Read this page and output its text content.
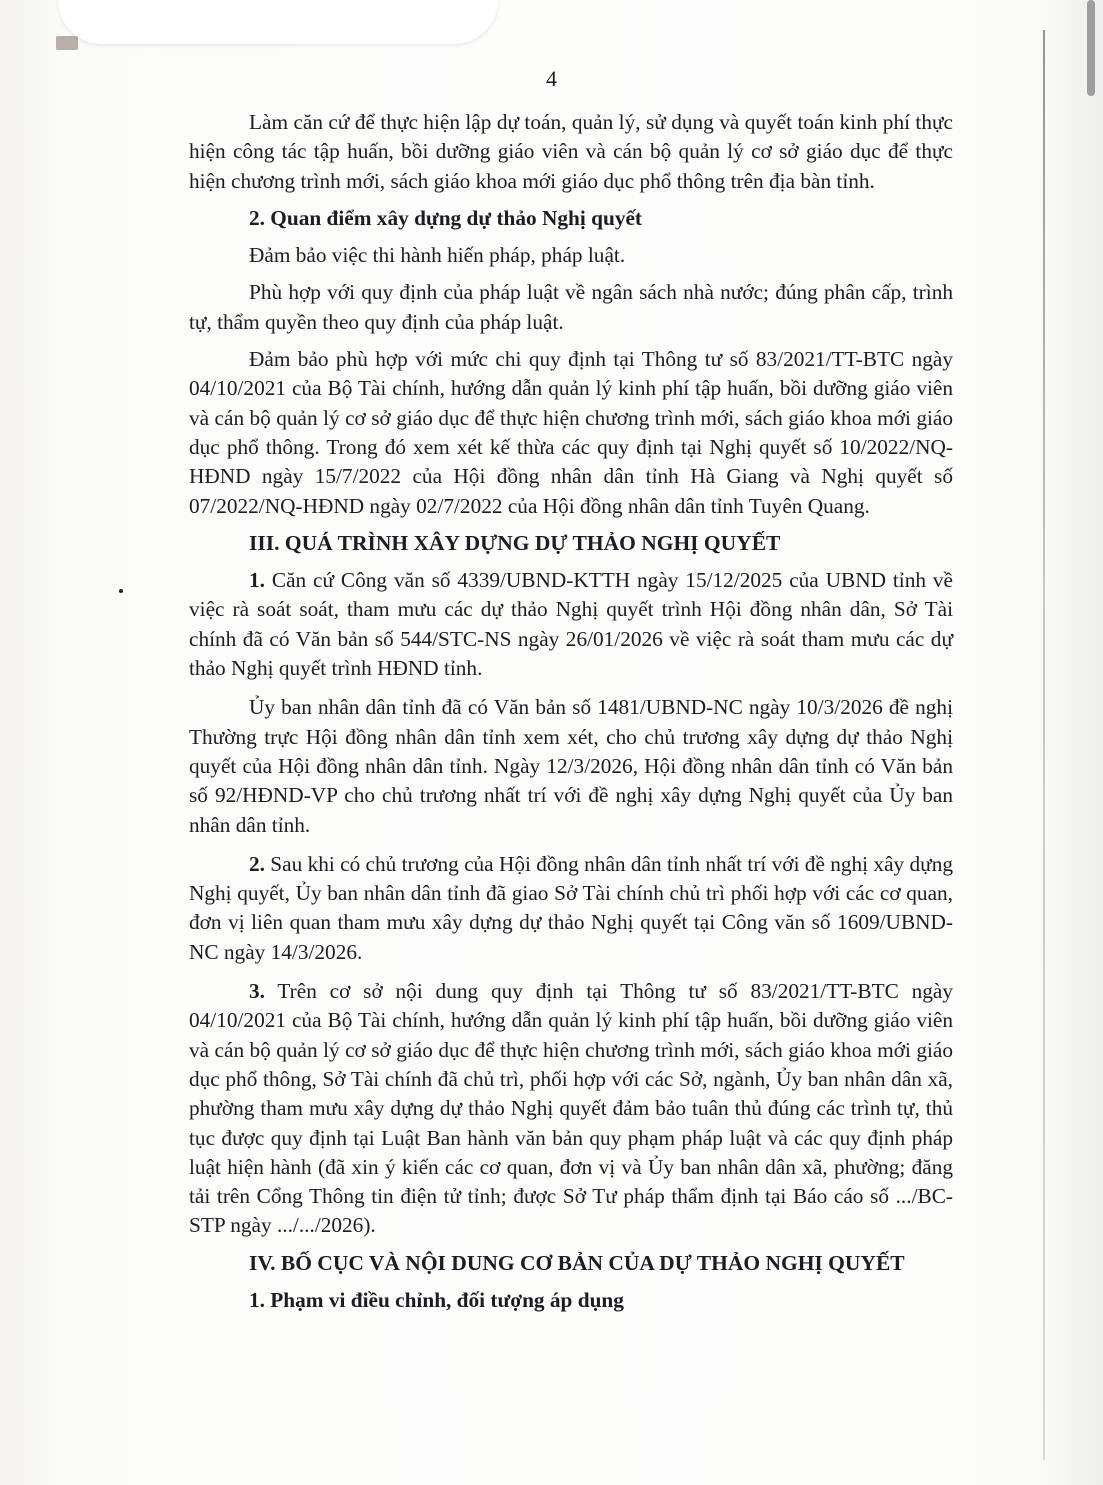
4

Làm căn cứ để thực hiện lập dự toán, quản lý, sử dụng và quyết toán kinh phí thực hiện công tác tập huấn, bồi dưỡng giáo viên và cán bộ quản lý cơ sở giáo dục để thực hiện chương trình mới, sách giáo khoa mới giáo dục phổ thông trên địa bàn tỉnh.

2. Quan điểm xây dựng dự thảo Nghị quyết

Đảm bảo việc thi hành hiến pháp, pháp luật.

Phù hợp với quy định của pháp luật về ngân sách nhà nước; đúng phân cấp, trình tự, thẩm quyền theo quy định của pháp luật.

Đảm bảo phù hợp với mức chi quy định tại Thông tư số 83/2021/TT-BTC ngày 04/10/2021 của Bộ Tài chính, hướng dẫn quản lý kinh phí tập huấn, bồi dưỡng giáo viên và cán bộ quản lý cơ sở giáo dục để thực hiện chương trình mới, sách giáo khoa mới giáo dục phổ thông. Trong đó xem xét kế thừa các quy định tại Nghị quyết số 10/2022/NQ-HĐND ngày 15/7/2022 của Hội đồng nhân dân tỉnh Hà Giang và Nghị quyết số 07/2022/NQ-HĐND ngày 02/7/2022 của Hội đồng nhân dân tỉnh Tuyên Quang.

III. QUÁ TRÌNH XÂY DỰNG DỰ THẢO NGHỊ QUYẾT

1. Căn cứ Công văn số 4339/UBND-KTTH ngày 15/12/2025 của UBND tỉnh về việc rà soát soát, tham mưu các dự thảo Nghị quyết trình Hội đồng nhân dân, Sở Tài chính đã có Văn bản số 544/STC-NS ngày 26/01/2026 về việc rà soát tham mưu các dự thảo Nghị quyết trình HĐND tỉnh.

Ủy ban nhân dân tỉnh đã có Văn bản số 1481/UBND-NC ngày 10/3/2026 đề nghị Thường trực Hội đồng nhân dân tỉnh xem xét, cho chủ trương xây dựng dự thảo Nghị quyết của Hội đồng nhân dân tỉnh. Ngày 12/3/2026, Hội đồng nhân dân tỉnh có Văn bản số 92/HĐND-VP cho chủ trương nhất trí với đề nghị xây dựng Nghị quyết của Ủy ban nhân dân tỉnh.

2. Sau khi có chủ trương của Hội đồng nhân dân tỉnh nhất trí với đề nghị xây dựng Nghị quyết, Ủy ban nhân dân tỉnh đã giao Sở Tài chính chủ trì phối hợp với các cơ quan, đơn vị liên quan tham mưu xây dựng dự thảo Nghị quyết tại Công văn số 1609/UBND-NC ngày 14/3/2026.

3. Trên cơ sở nội dung quy định tại Thông tư số 83/2021/TT-BTC ngày 04/10/2021 của Bộ Tài chính, hướng dẫn quản lý kinh phí tập huấn, bồi dưỡng giáo viên và cán bộ quản lý cơ sở giáo dục để thực hiện chương trình mới, sách giáo khoa mới giáo dục phổ thông, Sở Tài chính đã chủ trì, phối hợp với các Sở, ngành, Ủy ban nhân dân xã, phường tham mưu xây dựng dự thảo Nghị quyết đảm bảo tuân thủ đúng các trình tự, thủ tục được quy định tại Luật Ban hành văn bản quy phạm pháp luật và các quy định pháp luật hiện hành (đã xin ý kiến các cơ quan, đơn vị và Ủy ban nhân dân xã, phường; đăng tải trên Cổng Thông tin điện tử tỉnh; được Sở Tư pháp thẩm định tại Báo cáo số .../BC-STP ngày .../.../2026).

IV. BỐ CỤC VÀ NỘI DUNG CƠ BẢN CỦA DỰ THẢO NGHỊ QUYẾT
1. Phạm vi điều chỉnh, đối tượng áp dụng
